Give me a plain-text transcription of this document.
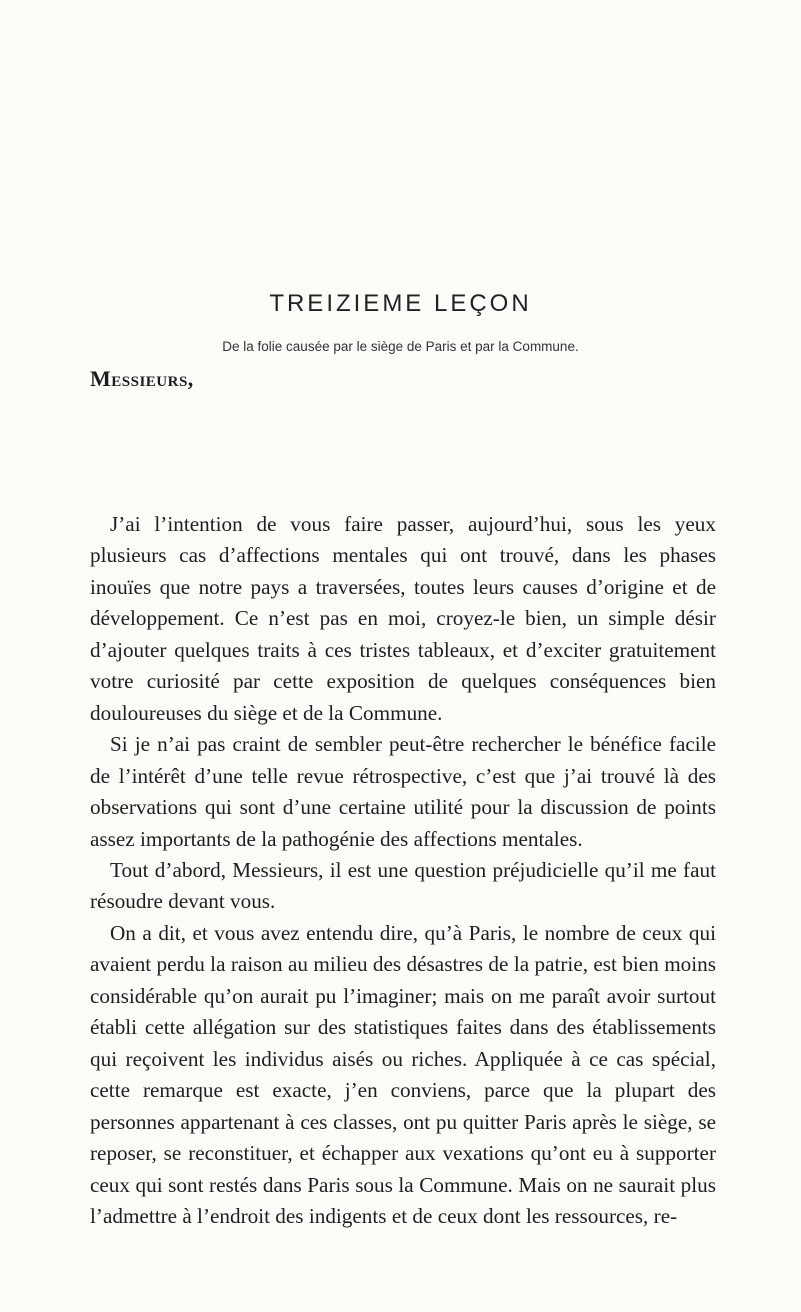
TREIZIEME LEÇON
De la folie causée par le siège de Paris et par la Commune.
Messieurs,

J’ai l’intention de vous faire passer, aujourd’hui, sous les yeux plusieurs cas d’affections mentales qui ont trouvé, dans les phases inouïes que notre pays a traversées, toutes leurs causes d’origine et de développement. Ce n’est pas en moi, croyez-le bien, un simple désir d’ajouter quelques traits à ces tristes tableaux, et d’exciter gratuitement votre curiosité par cette exposition de quelques conséquences bien douloureuses du siège et de la Commune.

Si je n’ai pas craint de sembler peut-être rechercher le bénéfice facile de l’intérêt d’une telle revue rétrospective, c’est que j’ai trouvé là des observations qui sont d’une certaine utilité pour la discussion de points assez importants de la pathogénie des affections mentales.

Tout d’abord, Messieurs, il est une question préjudicielle qu’il me faut résoudre devant vous.

On a dit, et vous avez entendu dire, qu’à Paris, le nombre de ceux qui avaient perdu la raison au milieu des désastres de la patrie, est bien moins considérable qu’on aurait pu l’imaginer; mais on me paraît avoir surtout établi cette allégation sur des statistiques faites dans des établissements qui reçoivent les individus aisés ou riches. Appliquée à ce cas spécial, cette remarque est exacte, j’en conviens, parce que la plupart des personnes appartenant à ces classes, ont pu quitter Paris après le siège, se reposer, se reconstituer, et échapper aux vexations qu’ont eu à supporter ceux qui sont restés dans Paris sous la Commune. Mais on ne saurait plus l’admettre à l’endroit des indigents et de ceux dont les ressources, re-
